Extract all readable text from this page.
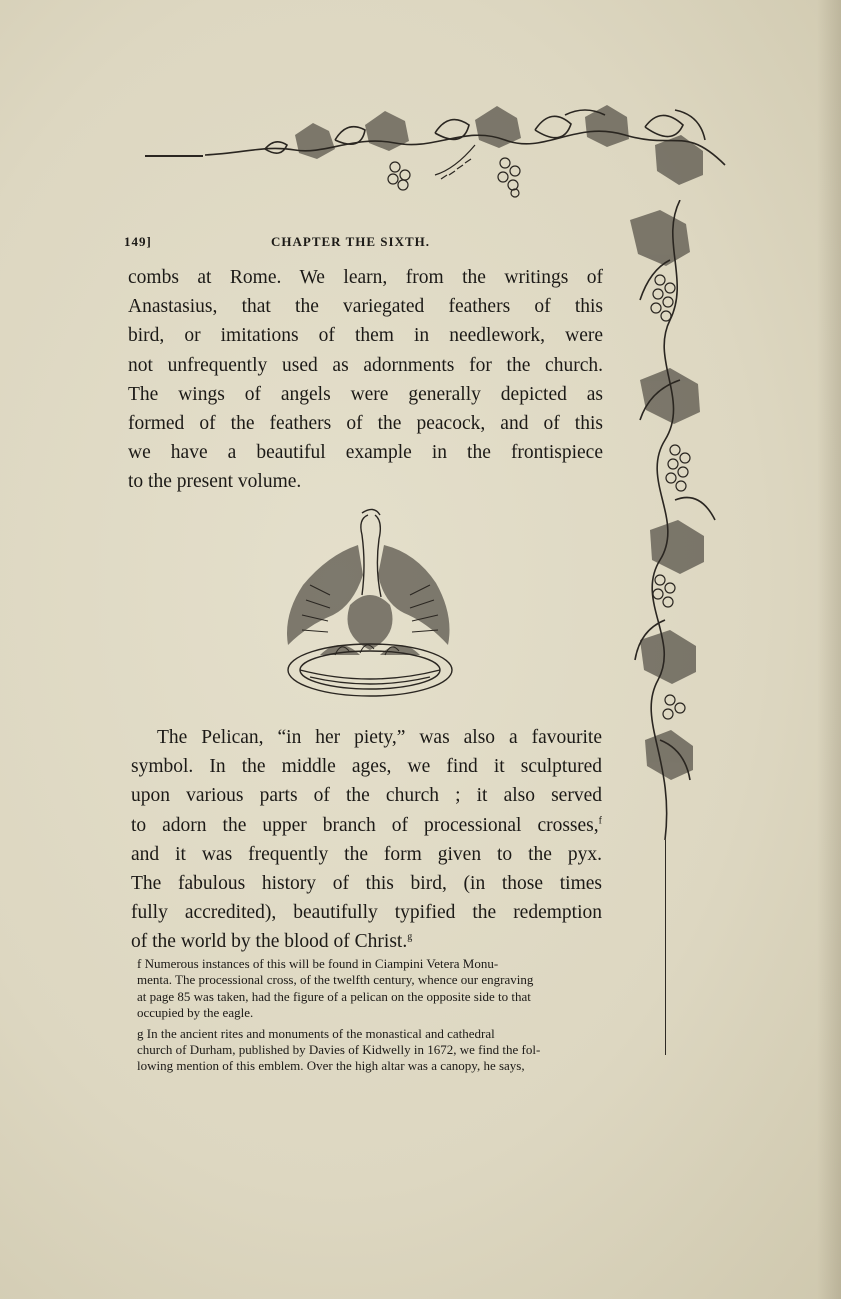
149]	CHAPTER THE SIXTH.
combs at Rome. We learn, from the writings of
Anastasius, that the variegated feathers of this
bird, or imitations of them in needlework, were
not unfrequently used as adornments for the church.
The wings of angels were generally depicted as
formed of the feathers of the peacock, and of this
we have a beautiful example in the frontispiece
to the present volume.
The Pelican, “in her piety,” was also a favourite
symbol. In the middle ages, we find it sculptured
upon various parts of the church ; it also served
to adorn the upper branch of processional crosses,$^f$
and it was frequently the form given to the pyx.
The fabulous history of this bird, (in those times
fully accredited), beautifully typified the redemption
of the world by the blood of Christ.$^g$
f Numerous instances of this will be found in Ciampini Vetera Monu-
menta. The processional cross, of the twelfth century, whence our engraving
at page 85 was taken, had the figure of a pelican on the opposite side to that
occupied by the eagle.
g In the ancient rites and monuments of the monastical and cathedral
church of Durham, published by Davies of Kidwelly in 1672, we find the fol-
lowing mention of this emblem. Over the high altar was a canopy, he says,
